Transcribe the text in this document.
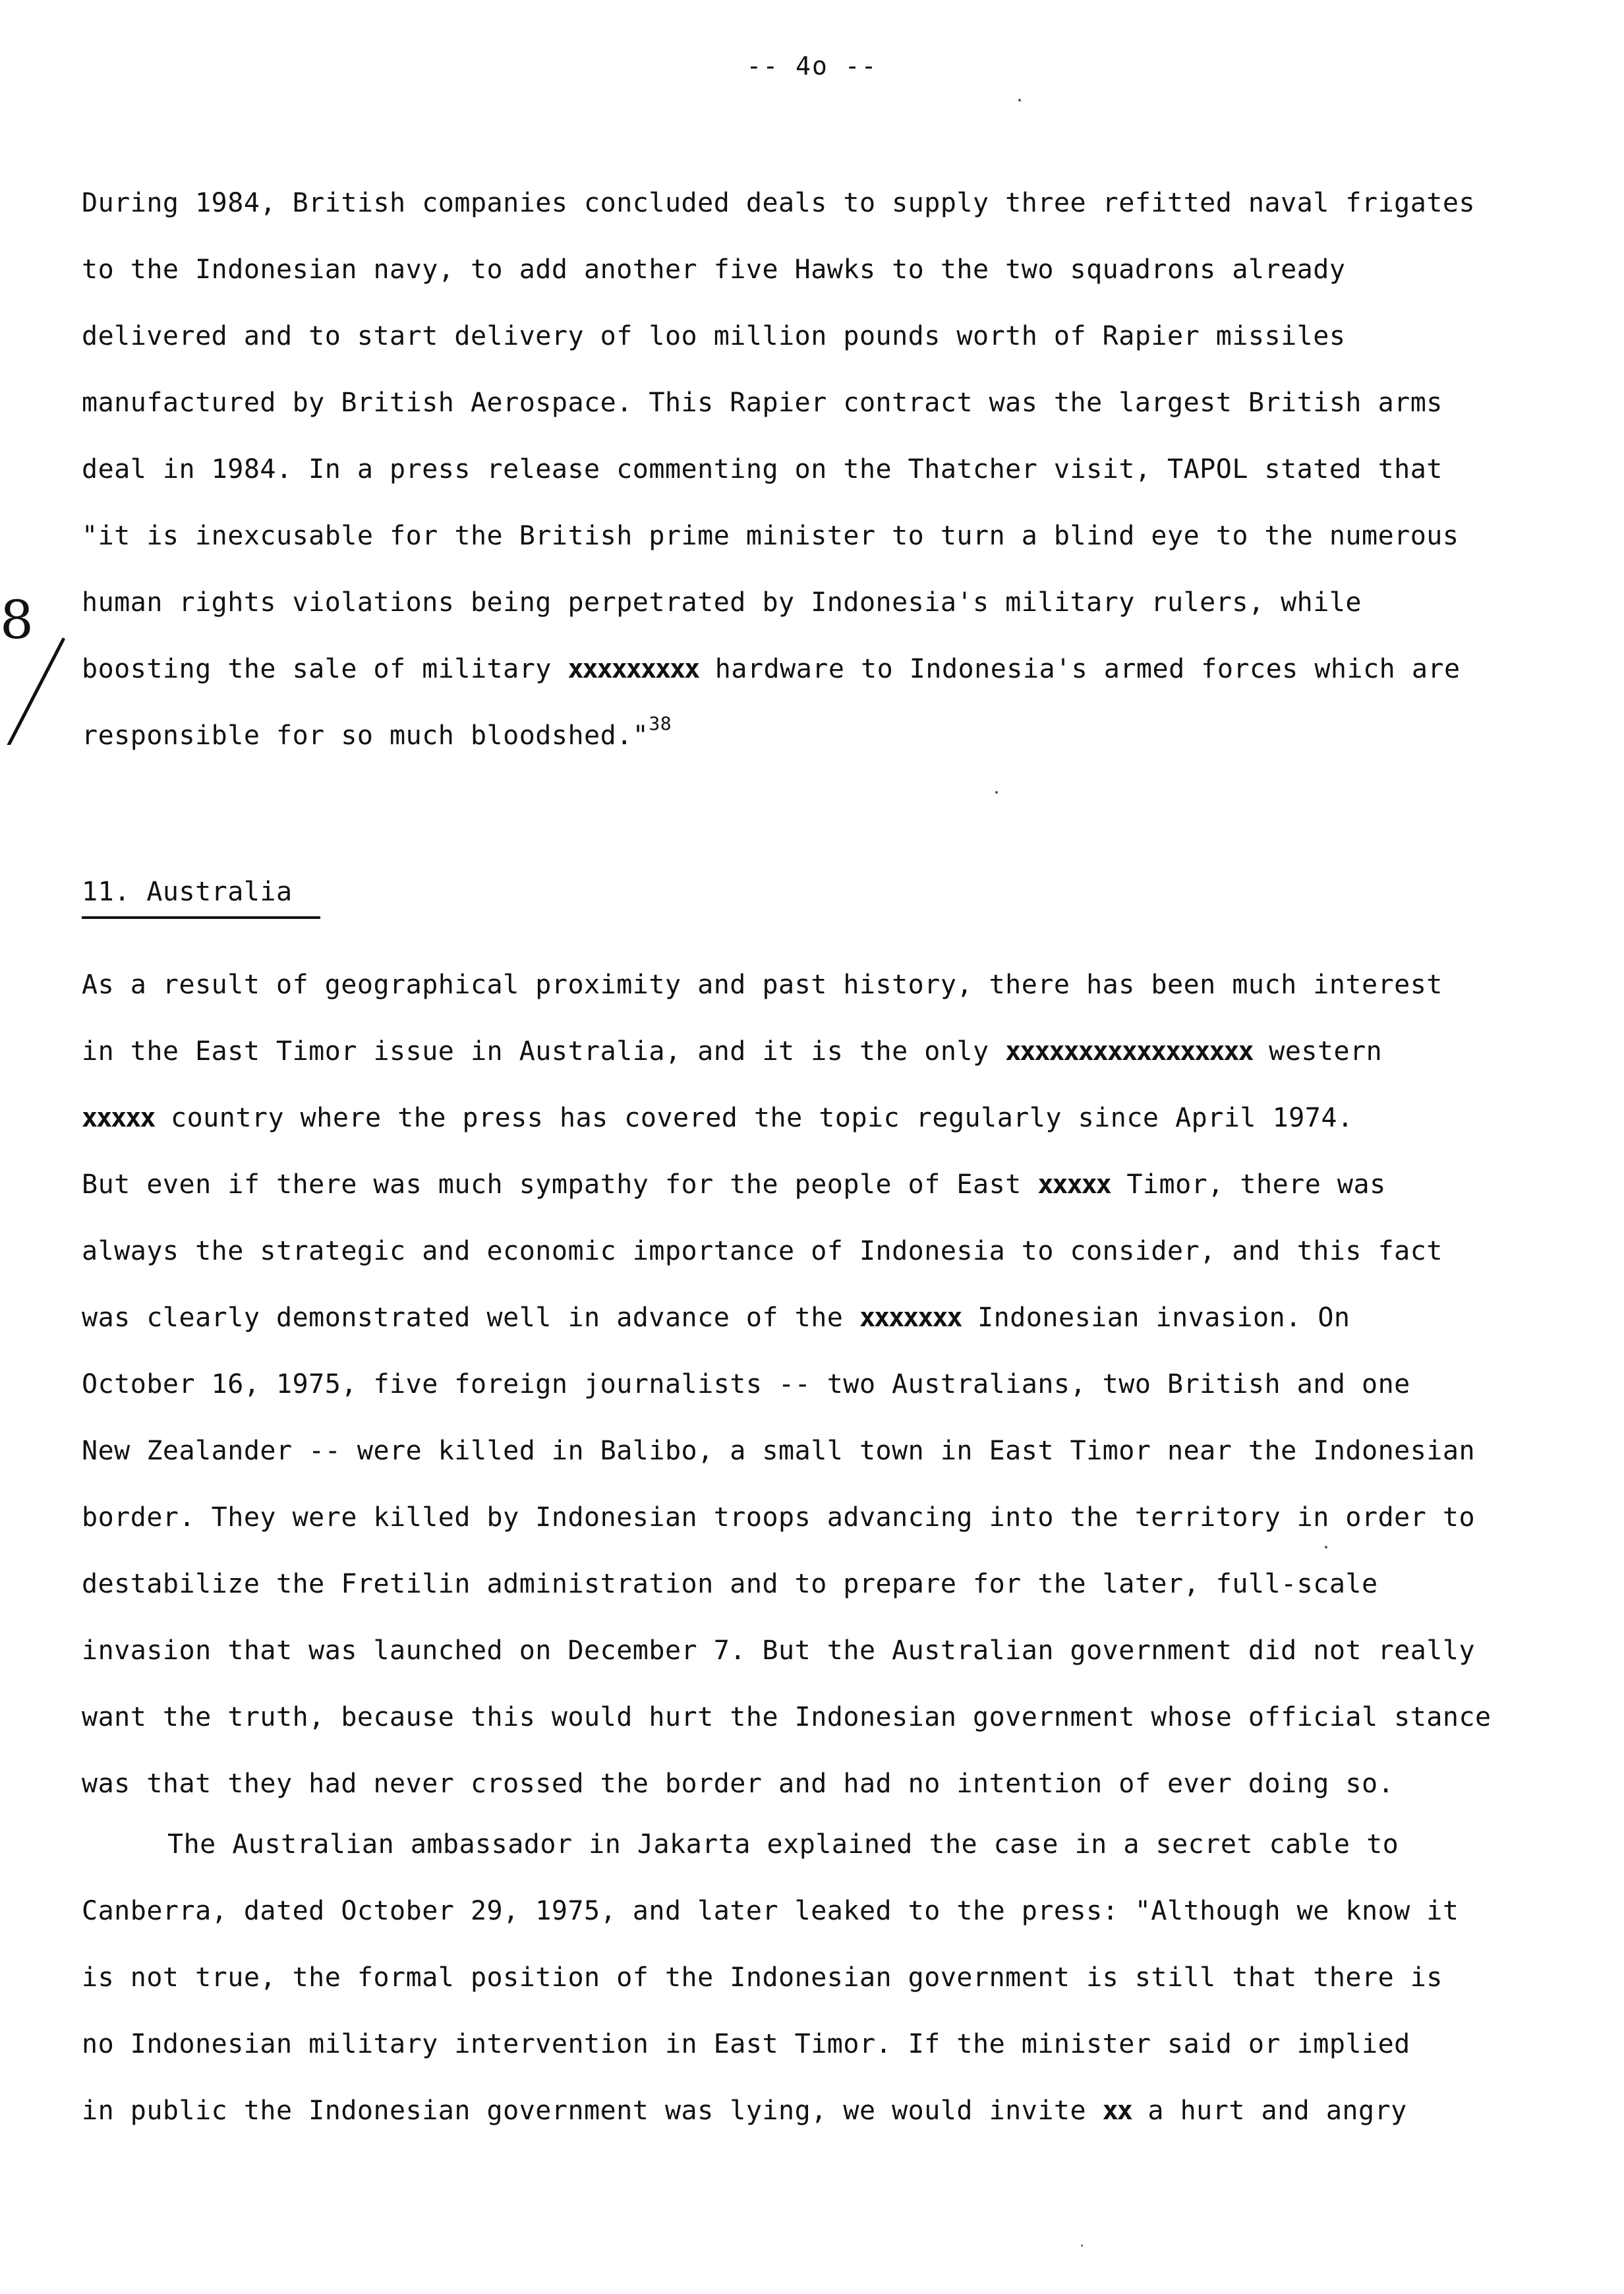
-- 4o --
8
During 1984, British companies concluded deals to supply three refitted naval frigates
to the Indonesian navy, to add another five Hawks to the two squadrons already
delivered and to start delivery of loo million pounds worth of Rapier missiles
manufactured by British Aerospace. This Rapier contract was the largest British arms
deal in 1984. In a press release commenting on the Thatcher visit, TAPOL stated that
"it is inexcusable for the British prime minister to turn a blind eye to the numerous
human rights violations being perpetrated by Indonesia's military rulers, while
boosting the sale of military xxxxxxxxx hardware to Indonesia's armed forces which are
responsible for so much bloodshed."$^{38}$
11. Australia
As a result of geographical proximity and past history, there has been much interest
in the East Timor issue in Australia, and it is the only xxxxxxxxxxxxxxxxx western
xxxxx country where the press has covered the topic regularly since April 1974.
But even if there was much sympathy for the people of East xxxxx Timor, there was
always the strategic and economic importance of Indonesia to consider, and this fact
was clearly demonstrated well in advance of the xxxxxxx Indonesian invasion. On
October 16, 1975, five foreign journalists -- two Australians, two British and one
New Zealander -- were killed in Balibo, a small town in East Timor near the Indonesian
border. They were killed by Indonesian troops advancing into the territory in order to
destabilize the Fretilin administration and to prepare for the later, full-scale
invasion that was launched on December 7. But the Australian government did not really
want the truth, because this would hurt the Indonesian government whose official stance
was that they had never crossed the border and had no intention of ever doing so.
The Australian ambassador in Jakarta explained the case in a secret cable to
Canberra, dated October 29, 1975, and later leaked to the press: "Although we know it
is not true, the formal position of the Indonesian government is still that there is
no Indonesian military intervention in East Timor. If the minister said or implied
in public the Indonesian government was lying, we would invite xx a hurt and angry
